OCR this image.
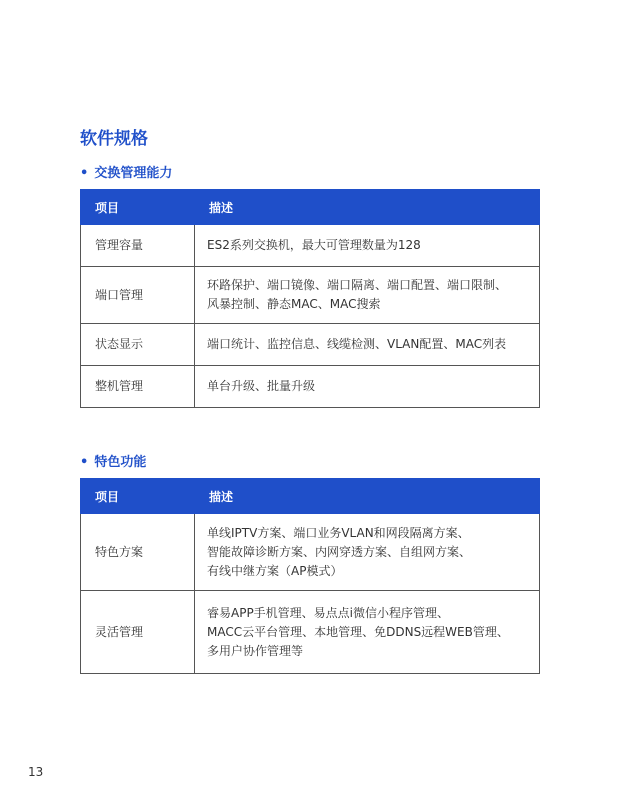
软件规格
• 交换管理能力
项目	描述
管理容量	ES2系列交换机，最大可管理数量为128

端口管理	环路保护、端口镜像、端口隔离、端口配置、端口限制、
风暴控制、静态MAC、MAC搜索

状态显示	端口统计、监控信息、线缆检测、VLAN配置、MAC列表

整机管理	单台升级、批量升级
• 特色功能
项目	描述
特色方案	单线IPTV方案、端口业务VLAN和网段隔离方案、
智能故障诊断方案、内网穿透方案、自组网方案、
有线中继方案（AP模式）

灵活管理	睿易APP手机管理、易点点i微信小程序管理、
MACC云平台管理、本地管理、免DDNS远程WEB管理、
多用户协作管理等
13
